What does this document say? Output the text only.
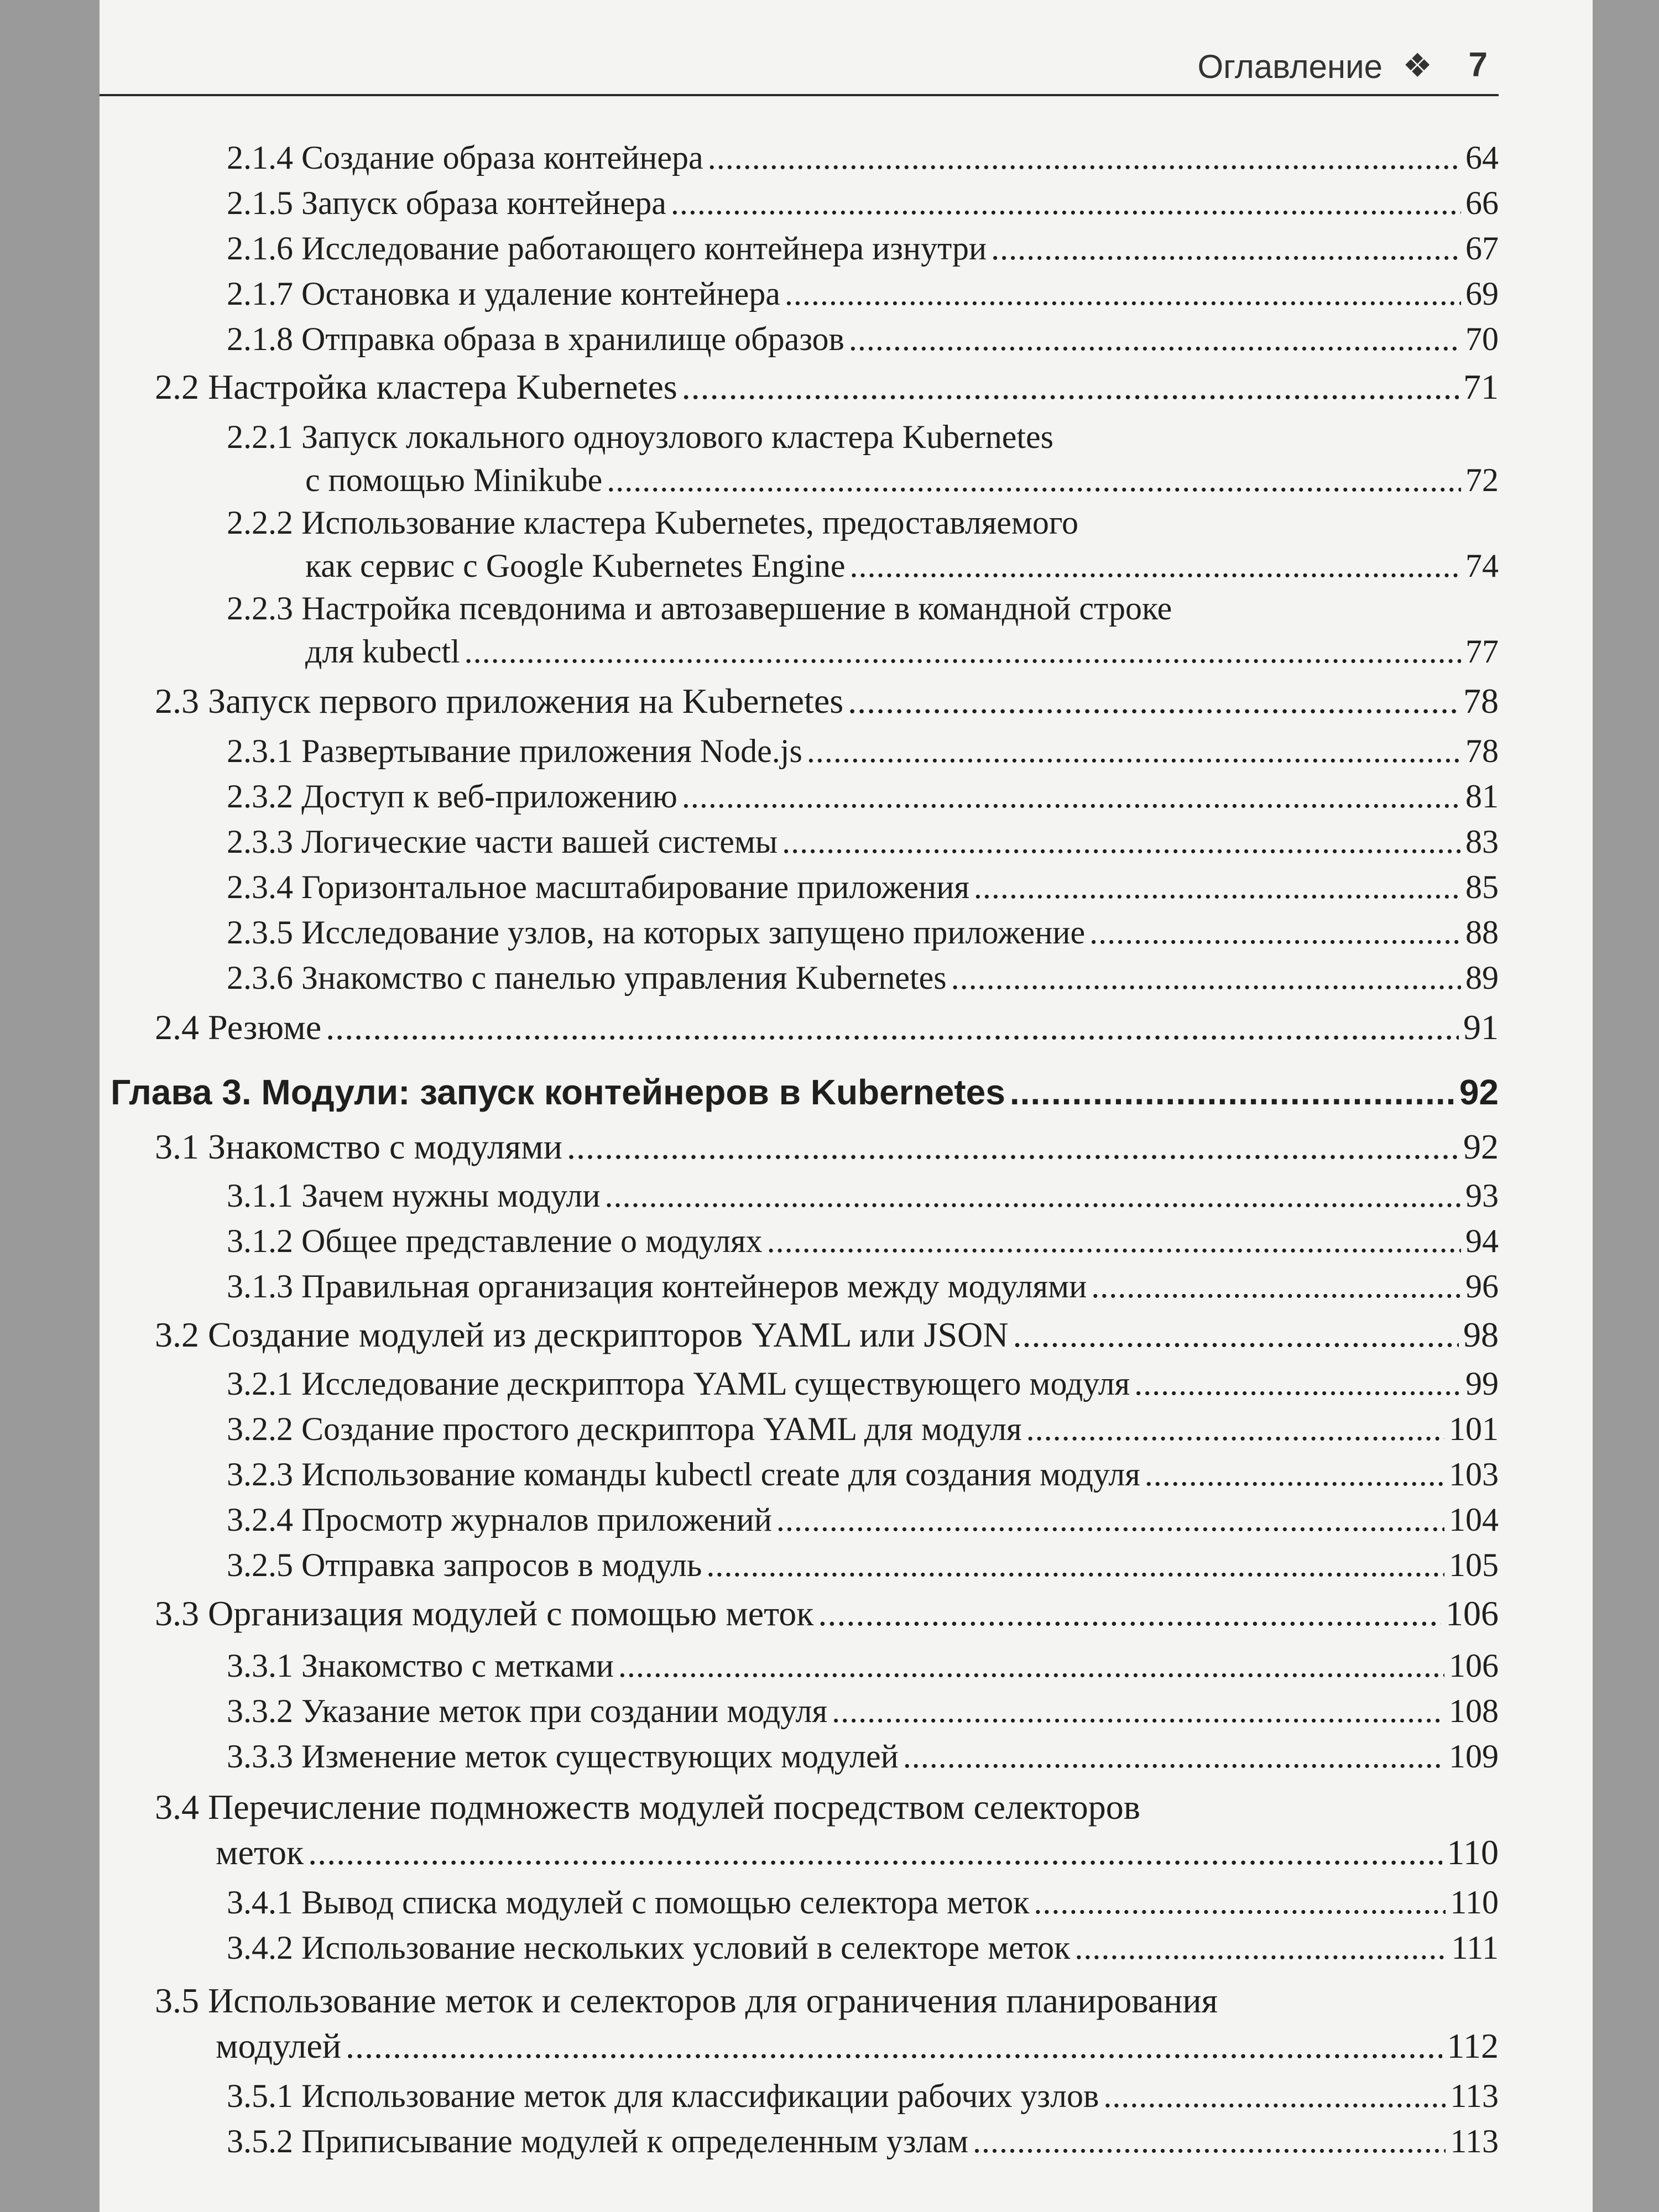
Оглавление ❖ 7
2.1.4 Создание образа контейнера .....	64
2.1.5 Запуск образа контейнера .....	66
2.1.6 Исследование работающего контейнера изнутри .....	67
2.1.7 Остановка и удаление контейнера .....	69
2.1.8 Отправка образа в хранилище образов .....	70
2.2 Настройка кластера Kubernetes .....	71
2.2.1 Запуск локального одноузлового кластера Kubernetes
с помощью Minikube .....	72
2.2.2 Использование кластера Kubernetes, предоставляемого
как сервис с Google Kubernetes Engine .....	74
2.2.3 Настройка псевдонима и автозавершение в командной строке
для kubectl .....	77
2.3 Запуск первого приложения на Kubernetes .....	78
2.3.1 Развертывание приложения Node.js .....	78
2.3.2 Доступ к веб-приложению .....	81
2.3.3 Логические части вашей системы .....	83
2.3.4 Горизонтальное масштабирование приложения .....	85
2.3.5 Исследование узлов, на которых запущено приложение .....	88
2.3.6 Знакомство с панелью управления Kubernetes .....	89
2.4 Резюме .....	91
Глава 3. Модули: запуск контейнеров в Kubernetes .....	92
3.1 Знакомство с модулями .....	92
3.1.1 Зачем нужны модули .....	93
3.1.2 Общее представление о модулях .....	94
3.1.3 Правильная организация контейнеров между модулями .....	96
3.2 Создание модулей из дескрипторов YAML или JSON .....	98
3.2.1 Исследование дескриптора YAML существующего модуля .....	99
3.2.2 Создание простого дескриптора YAML для модуля .....	101
3.2.3 Использование команды kubectl create для создания модуля .....	103
3.2.4 Просмотр журналов приложений .....	104
3.2.5 Отправка запросов в модуль .....	105
3.3 Организация модулей с помощью меток .....	106
3.3.1 Знакомство с метками .....	106
3.3.2 Указание меток при создании модуля .....	108
3.3.3 Изменение меток существующих модулей .....	109
3.4 Перечисление подмножеств модулей посредством селекторов
меток .....	110
3.4.1 Вывод списка модулей с помощью селектора меток .....	110
3.4.2 Использование нескольких условий в селекторе меток .....	111
3.5 Использование меток и селекторов для ограничения планирования
модулей .....	112
3.5.1 Использование меток для классификации рабочих узлов .....	113
3.5.2 Приписывание модулей к определенным узлам .....	113
